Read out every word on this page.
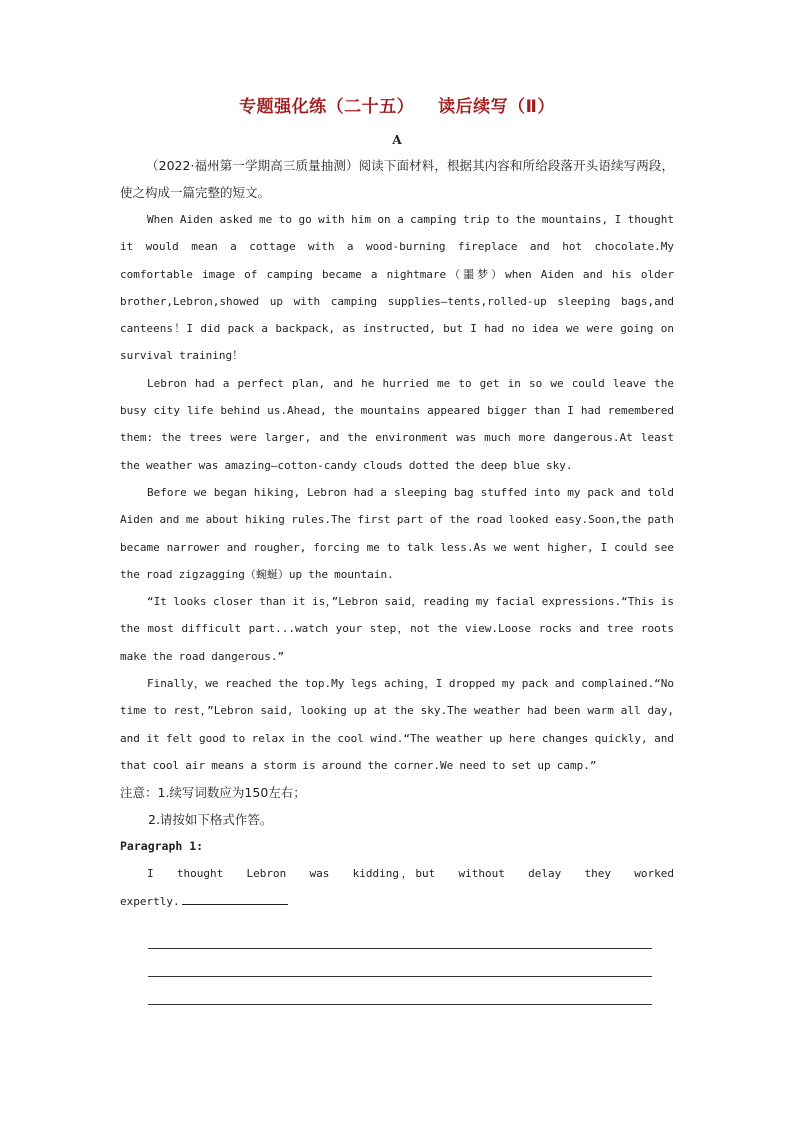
专题强化练（二十五） 读后续写（Ⅱ）
A

（2022·福州第一学期高三质量抽测）阅读下面材料，根据其内容和所给段落开头语续写两段，使之构成一篇完整的短文。

When Aiden asked me to go with him on a camping trip to the mountains, I thought it would mean a cottage with a wood-burning fireplace and hot chocolate.My comfortable image of camping became a nightmare（噩梦）when Aiden and his older brother,Lebron,showed up with camping supplies—tents,rolled-up sleeping bags,and canteens！I did pack a backpack, as instructed, but I had no idea we were going on survival training！

Lebron had a perfect plan, and he hurried me to get in so we could leave the busy city life behind us.Ahead, the mountains appeared bigger than I had remembered them: the trees were larger, and the environment was much more dangerous.At least the weather was amazing—cotton-candy clouds dotted the deep blue sky.

Before we began hiking, Lebron had a sleeping bag stuffed into my pack and told Aiden and me about hiking rules.The first part of the road looked easy.Soon,the path became narrower and rougher, forcing me to talk less.As we went higher, I could see the road zigzagging（蜿蜒）up the mountain.

“It looks closer than it is，”Lebron said，reading my facial expressions.“This is the most difficult part...watch your step，not the view.Loose rocks and tree roots make the road dangerous.”

Finally，we reached the top.My legs aching，I dropped my pack and complained.“No time to rest，”Lebron said, looking up at the sky.The weather had been warm all day, and it felt good to relax in the cool wind.“The weather up here changes quickly, and that cool air means a storm is around the corner.We need to set up camp.”

注意：1.续写词数应为150左右；

2.请按如下格式作答。

Paragraph 1:

I thought Lebron was kidding，but without delay they worked expertly.
